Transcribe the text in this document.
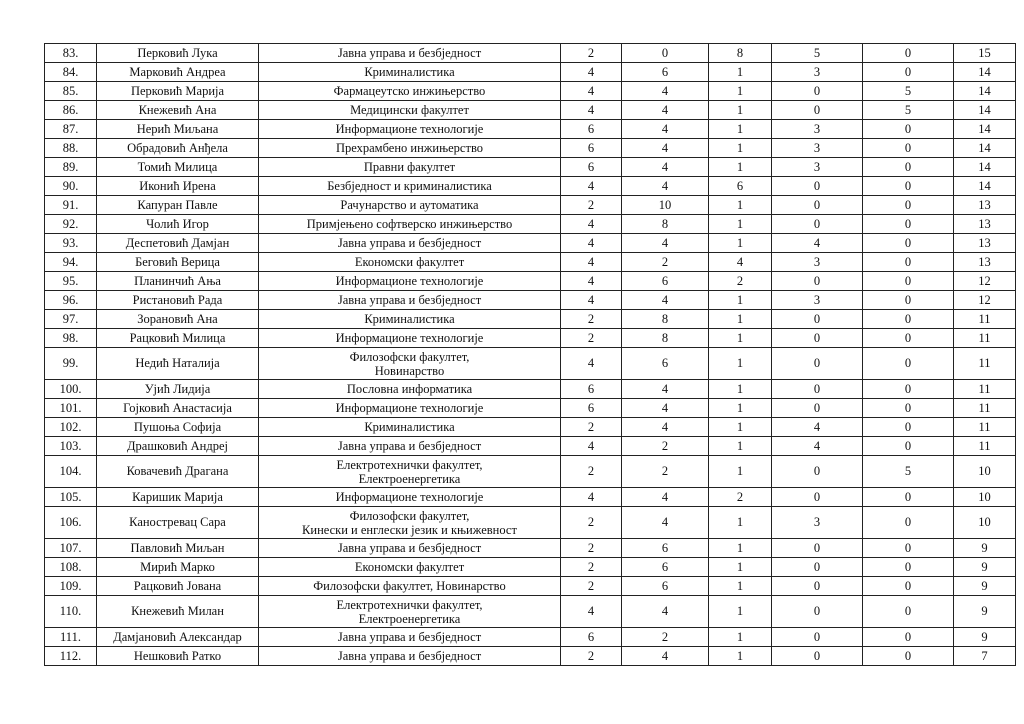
83.	Перковић Лука	Јавна управа и безбједност	2	0	8	5	0	15
84.	Марковић Андреа	Криминалистика	4	6	1	3	0	14
85.	Перковић Марија	Фармацеутско инжињерство	4	4	1	0	5	14
86.	Кнежевић Ана	Медицински факултет	4	4	1	0	5	14
87.	Нерић Миљана	Информационе технологије	6	4	1	3	0	14
88.	Обрадовић Анђела	Прехрамбено инжињерство	6	4	1	3	0	14
89.	Томић Милица	Правни факултет	6	4	1	3	0	14
90.	Иконић Ирена	Безбједност и криминалистика	4	4	6	0	0	14
91.	Капуран Павле	Рачунарство и аутоматика	2	10	1	0	0	13
92.	Чолић Игор	Примјењено софтверско инжињерство	4	8	1	0	0	13
93.	Деспетовић Дамјан	Јавна управа и безбједност	4	4	1	4	0	13
94.	Беговић Верица	Економски факултет	4	2	4	3	0	13
95.	Планинчић Ања	Информационе технологије	4	6	2	0	0	12
96.	Ристановић Рада	Јавна управа и безбједност	4	4	1	3	0	12
97.	Зорановић Ана	Криминалистика	2	8	1	0	0	11
98.	Рацковић Милица	Информационе технологије	2	8	1	0	0	11
99.	Недић Наталија	Филозофски факултет,
Новинарство	4	6	1	0	0	11
100.	Ујић Лидија	Пословна информатика	6	4	1	0	0	11
101.	Гојковић Анастасија	Информационе технологије	6	4	1	0	0	11
102.	Пушоња Софија	Криминалистика	2	4	1	4	0	11
103.	Драшковић Андреј	Јавна управа и безбједност	4	2	1	4	0	11
104.	Ковачевић Драгана	Електротехнички факултет,
Електроенергетика	2	2	1	0	5	10
105.	Каришик Марија	Информационе технологије	4	4	2	0	0	10
106.	Каностревац Сара	Филозофски факултет,
Кинески и енглески језик и књижевност	2	4	1	3	0	10
107.	Павловић Миљан	Јавна управа и безбједност	2	6	1	0	0	9
108.	Мирић Марко	Економски факултет	2	6	1	0	0	9
109.	Рацковић Јована	Филозофски факултет, Новинарство	2	6	1	0	0	9
110.	Кнежевић Милан	Електротехнички факултет,
Електроенергетика	4	4	1	0	0	9
111.	Дамјановић Александар	Јавна управа и безбједност	6	2	1	0	0	9
112.	Нешковић Ратко	Јавна управа и безбједност	2	4	1	0	0	7
